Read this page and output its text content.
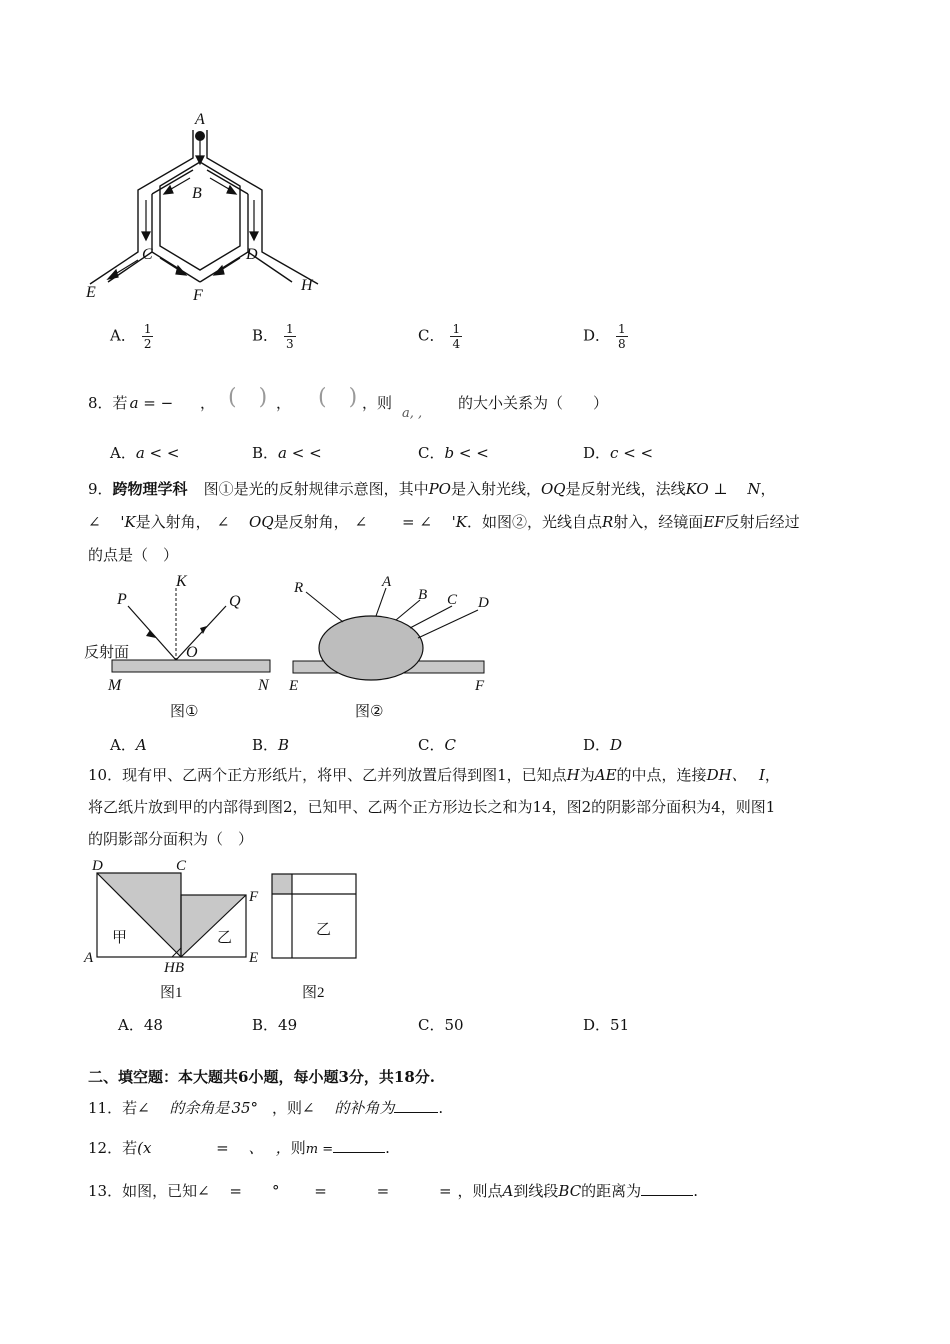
A
B
C	D
E	F
H
A． $\frac{1}{2}$	B． $\frac{1}{3}$	C． $\frac{1}{4}$	D． $\frac{1}{8}$
8．若 a = − ， (　) ， (　) ，则
a, ,
的大小关系为（　　）
A．a < <	B．a < <	C．b < <	D．c < <
9．跨物理学科 图①是光的反射规律示意图，其中PO是入射光线，OQ是反射光线，法线KO ⊥　 N，
∠　 'K是入射角， ∠　 OQ是反射角， ∠　　 = ∠　 'K．如图②，光线自点R射入，经镜面EF反射后经过
的点是（　）
P
K
Q
O
M	N
反射面
图①
R	A
B C D
E	F
图②
A．A	B．B	C．C	D．D
10．现有甲、乙两个正方形纸片，将甲、乙并列放置后得到图1，已知点H为AE的中点，连接DH、　 I，
将乙纸片放到甲的内部得到图2，已知甲、乙两个正方形边长之和为14，图2的阴影部分面积为4，则图1
的阴影部分面积为（　）
D	C
F
A
HB
E
甲	乙
图1
乙
图2
A．48	B．49	C．50	D．51
二、填空题：本大题共6小题，每小题3分，共18分.
11．若∠　 的余角是 35° ，则∠　 的补角为	.
12．若(x　　　　 =　 、　 ，则m =	.
13．如图，已知∠　 =　　°　　 =　　　 =　　　 = ，则点A到线段BC的距离为	.
